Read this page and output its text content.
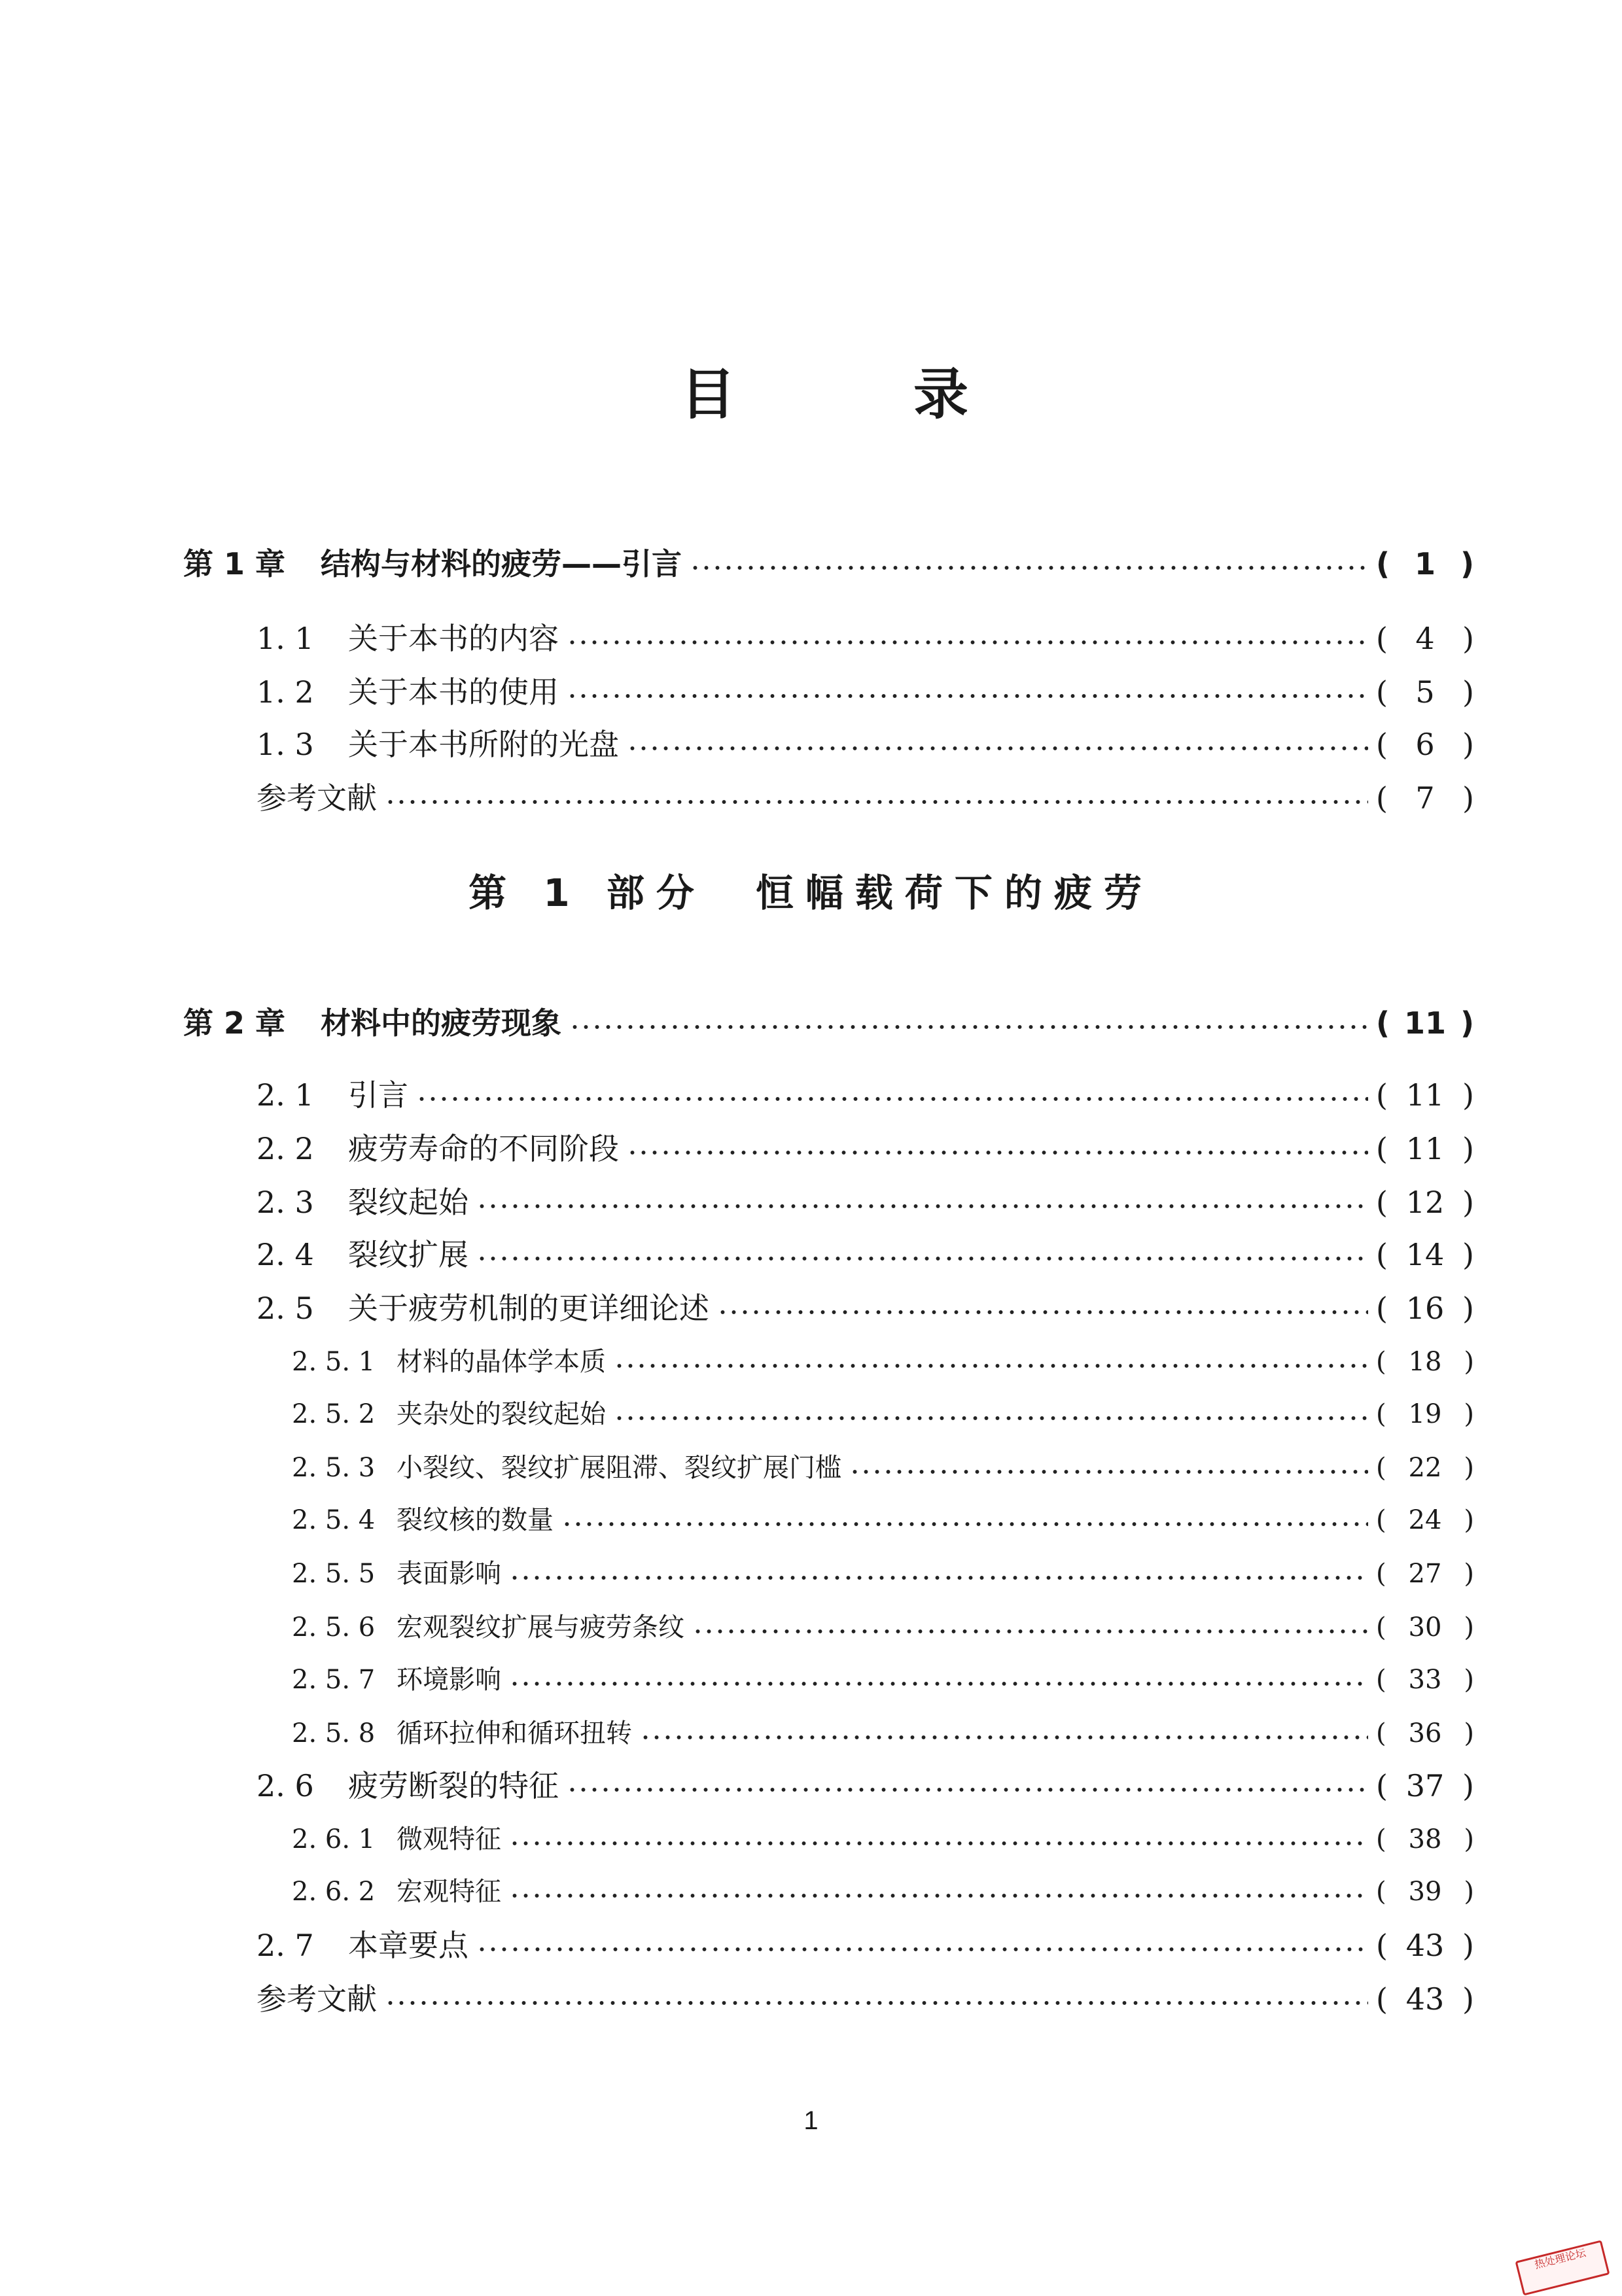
目	录
第 1 部分　恒幅载荷下的疲劳
第 1 章	结构与材料的疲劳——引言	( 1 )
1. 1	关于本书的内容	( 4 )
1. 2	关于本书的使用	( 5 )
1. 3	关于本书所附的光盘	( 6 )
参考文献	( 7 )
第 2 章	材料中的疲劳现象	( 11 )
2. 1	引言	( 11 )
2. 2	疲劳寿命的不同阶段	( 11 )
2. 3	裂纹起始	( 12 )
2. 4	裂纹扩展	( 14 )
2. 5	关于疲劳机制的更详细论述	( 16 )
2. 5. 1 材料的晶体学本质	( 18 )
2. 5. 2 夹杂处的裂纹起始	( 19 )
2. 5. 3 小裂纹、裂纹扩展阻滞、裂纹扩展门槛	( 22 )
2. 5. 4 裂纹核的数量	( 24 )
2. 5. 5 表面影响	( 27 )
2. 5. 6 宏观裂纹扩展与疲劳条纹	( 30 )
2. 5. 7 环境影响	( 33 )
2. 5. 8 循环拉伸和循环扭转	( 36 )
2. 6	疲劳断裂的特征	( 37 )
2. 6. 1 微观特征	( 38 )
2. 6. 2 宏观特征	( 39 )
2. 7	本章要点	( 43 )
参考文献	( 43 )
1
热处理论坛
